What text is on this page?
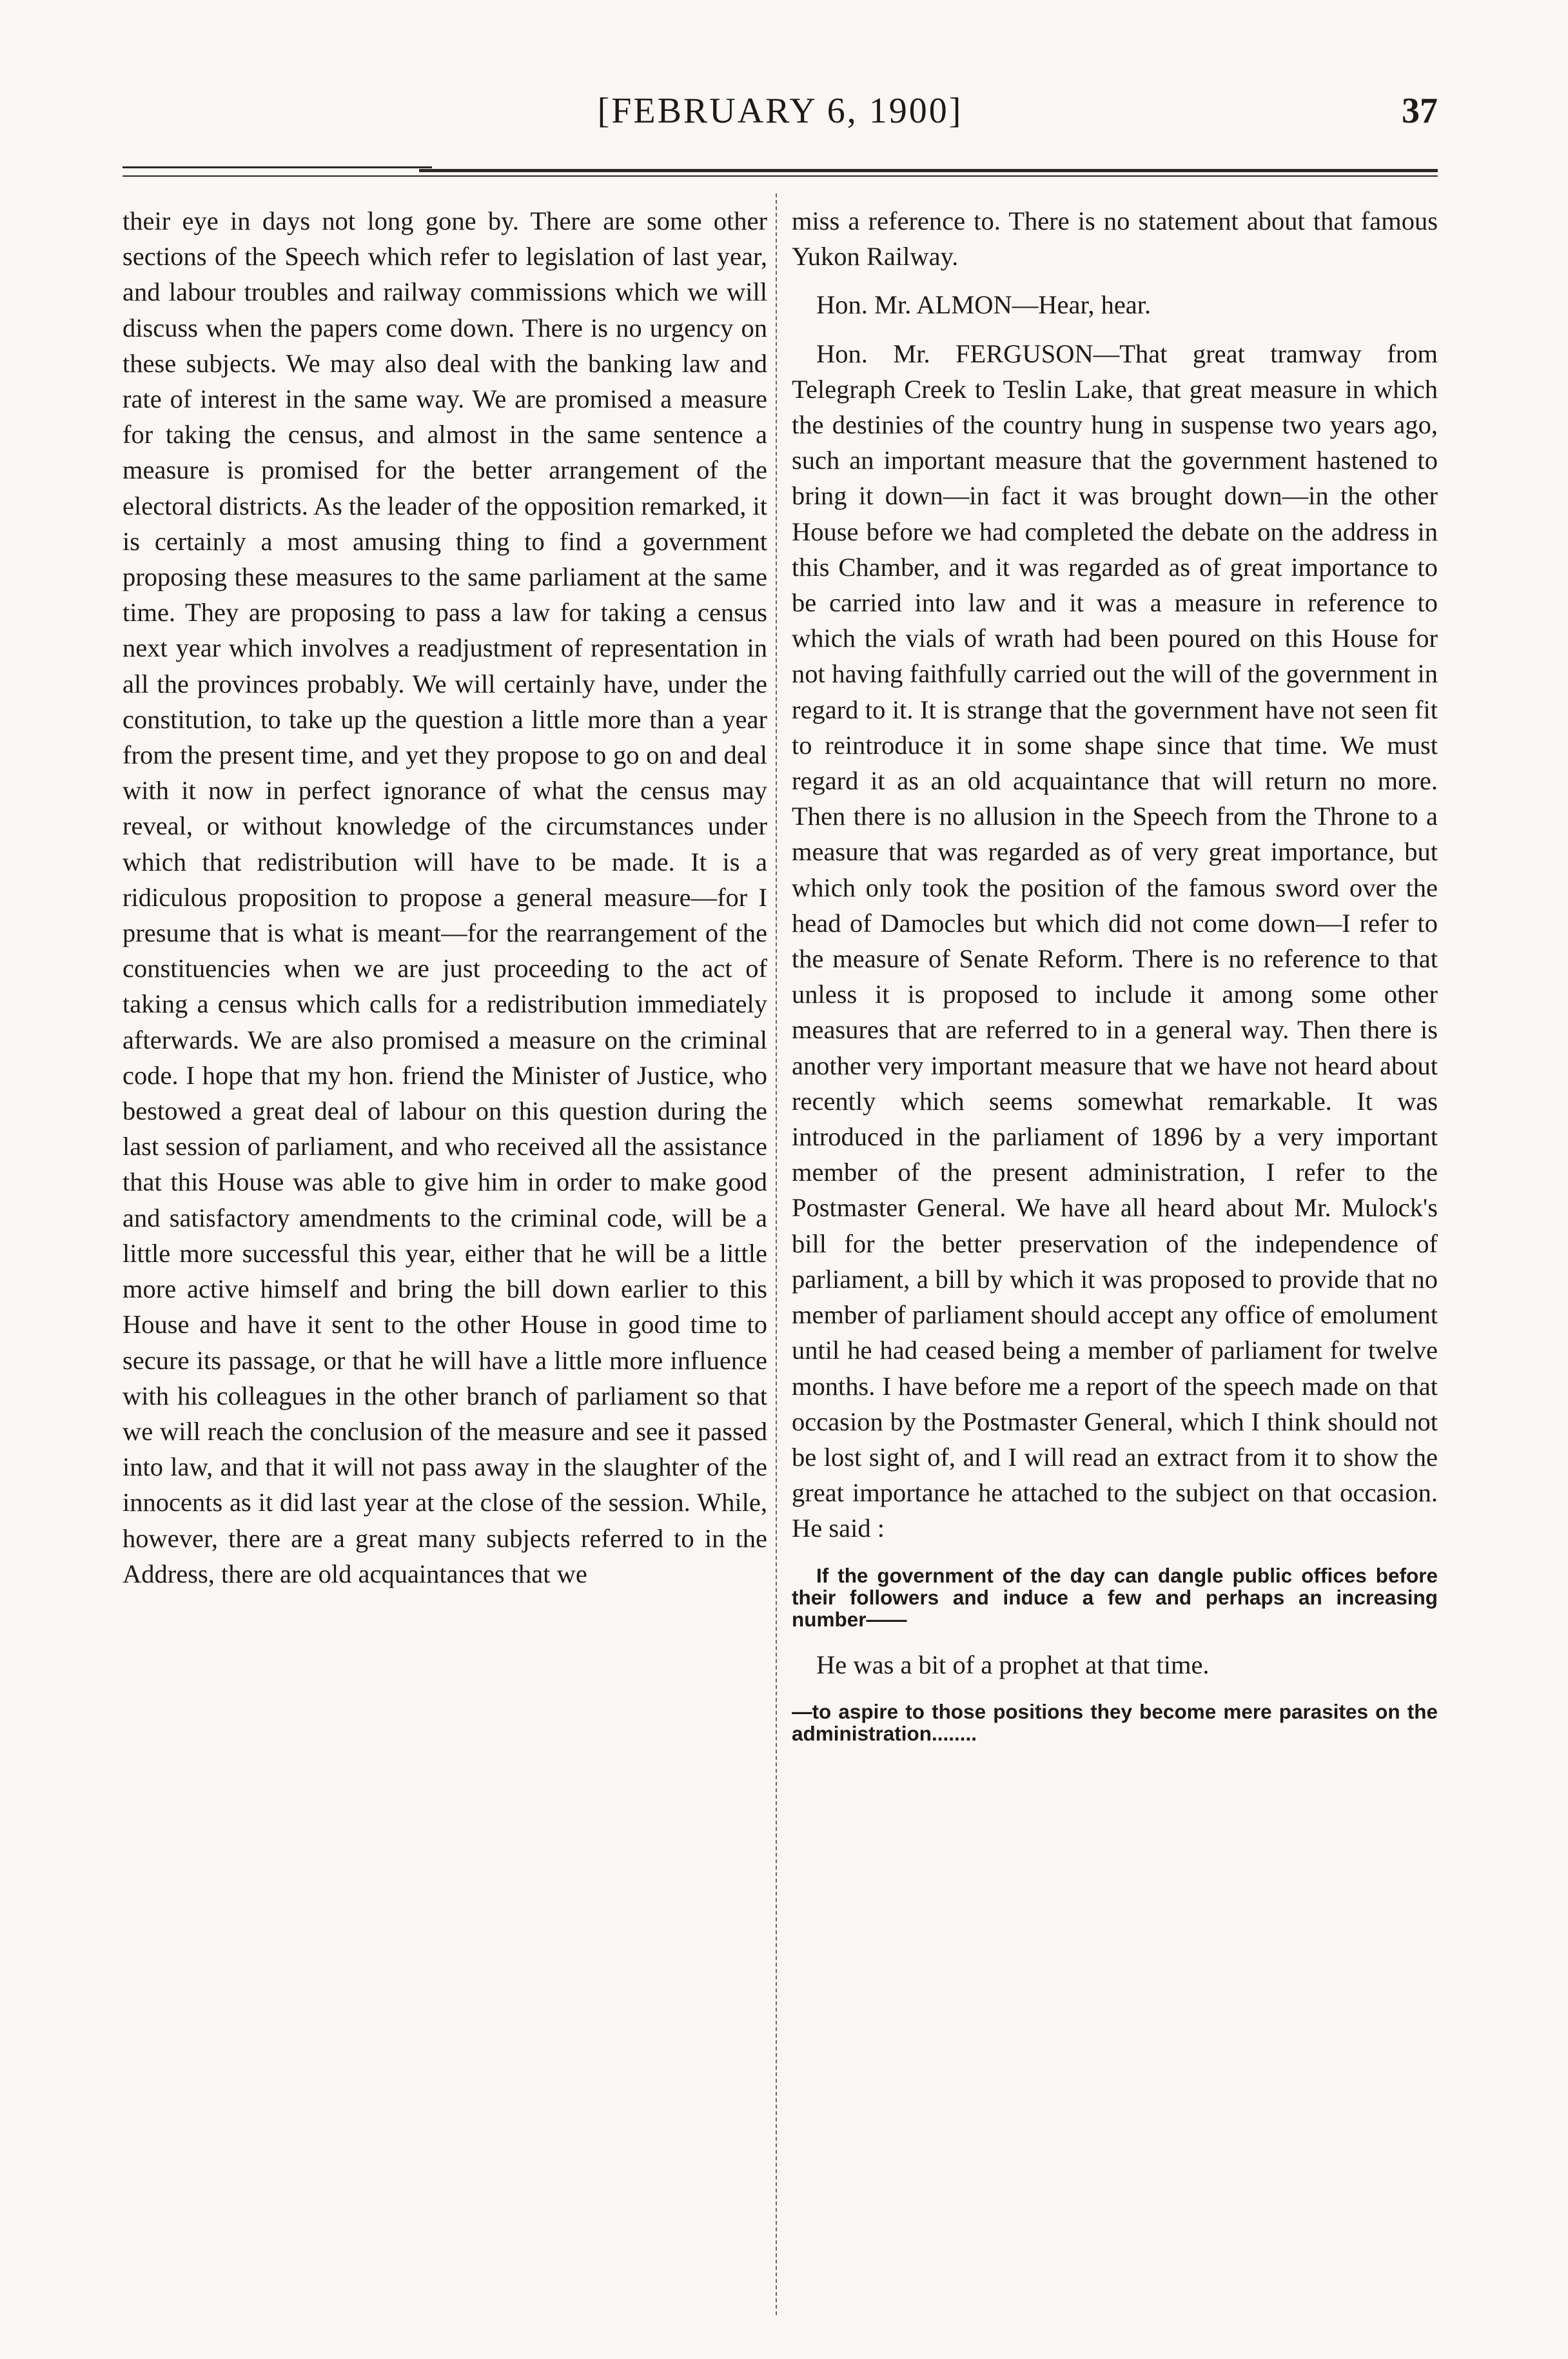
[FEBRUARY 6, 1900]	37

their eye in days not long gone by. There are some other sections of the Speech which refer to legislation of last year, and labour troubles and railway commissions which we will discuss when the papers come down. There is no urgency on these subjects. We may also deal with the banking law and rate of interest in the same way. We are promised a measure for taking the census, and almost in the same sentence a measure is promised for the better arrangement of the electoral districts. As the leader of the opposition remarked, it is certainly a most amusing thing to find a government proposing these measures to the same parliament at the same time. They are proposing to pass a law for taking a census next year which involves a readjustment of representation in all the provinces probably. We will certainly have, under the constitution, to take up the question a little more than a year from the present time, and yet they propose to go on and deal with it now in perfect ignorance of what the census may reveal, or without knowledge of the circumstances under which that redistribution will have to be made. It is a ridiculous proposition to propose a general measure—for I presume that is what is meant—for the rearrangement of the constituencies when we are just proceeding to the act of taking a census which calls for a redistribution immediately afterwards. We are also promised a measure on the criminal code. I hope that my hon. friend the Minister of Justice, who bestowed a great deal of labour on this question during the last session of parliament, and who received all the assistance that this House was able to give him in order to make good and satisfactory amendments to the criminal code, will be a little more successful this year, either that he will be a little more active himself and bring the bill down earlier to this House and have it sent to the other House in good time to secure its passage, or that he will have a little more influence with his colleagues in the other branch of parliament so that we will reach the conclusion of the measure and see it passed into law, and that it will not pass away in the slaughter of the innocents as it did last year at the close of the session. While, however, there are a great many subjects referred to in the Address, there are old acquaintances that we

miss a reference to. There is no statement about that famous Yukon Railway.

Hon. Mr. ALMON—Hear, hear.

Hon. Mr. FERGUSON—That great tramway from Telegraph Creek to Teslin Lake, that great measure in which the destinies of the country hung in suspense two years ago, such an important measure that the government hastened to bring it down—in fact it was brought down—in the other House before we had completed the debate on the address in this Chamber, and it was regarded as of great importance to be carried into law and it was a measure in reference to which the vials of wrath had been poured on this House for not having faithfully carried out the will of the government in regard to it. It is strange that the government have not seen fit to reintroduce it in some shape since that time. We must regard it as an old acquaintance that will return no more. Then there is no allusion in the Speech from the Throne to a measure that was regarded as of very great importance, but which only took the position of the famous sword over the head of Damocles but which did not come down—I refer to the measure of Senate Reform. There is no reference to that unless it is proposed to include it among some other measures that are referred to in a general way. Then there is another very important measure that we have not heard about recently which seems somewhat remarkable. It was introduced in the parliament of 1896 by a very important member of the present administration, I refer to the Postmaster General. We have all heard about Mr. Mulock's bill for the better preservation of the independence of parliament, a bill by which it was proposed to provide that no member of parliament should accept any office of emolument until he had ceased being a member of parliament for twelve months. I have before me a report of the speech made on that occasion by the Postmaster General, which I think should not be lost sight of, and I will read an extract from it to show the great importance he attached to the subject on that occasion. He said :

If the government of the day can dangle public offices before their followers and induce a few and perhaps an increasing number——

He was a bit of a prophet at that time.

—to aspire to those positions they become mere parasites on the administration........
